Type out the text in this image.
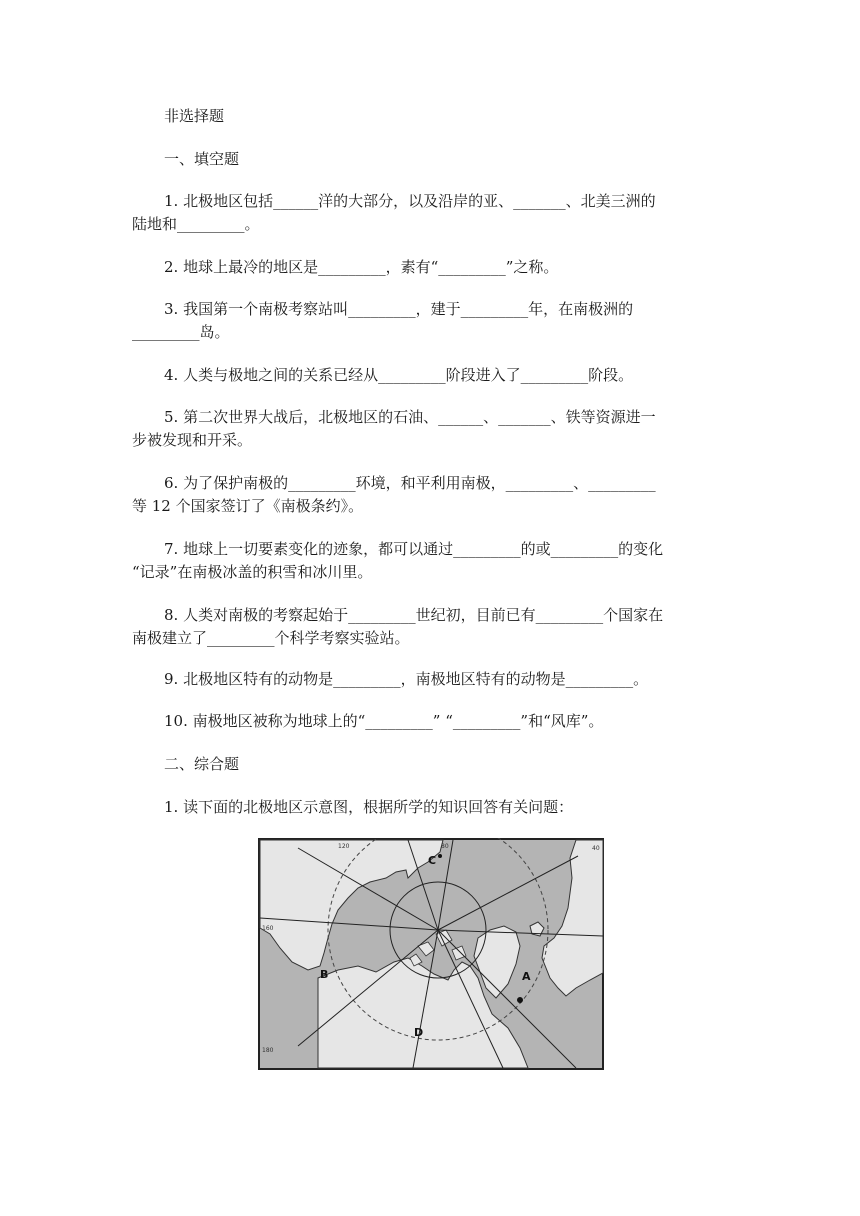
非选择题
一、填空题
1. 北极地区包括______洋的大部分，以及沿岸的亚、_______、北美三洲的
陆地和_________。
2. 地球上最冷的地区是_________，素有“_________”之称。
3. 我国第一个南极考察站叫_________，建于_________年，在南极洲的
_________岛。
4. 人类与极地之间的关系已经从_________阶段进入了_________阶段。
5. 第二次世界大战后，北极地区的石油、______、_______、铁等资源进一
步被发现和开采。
6. 为了保护南极的_________环境，和平利用南极，_________、_________
等 12 个国家签订了《南极条约》。
7. 地球上一切要素变化的迹象，都可以通过_________的或_________的变化
“记录”在南极冰盖的积雪和冰川里。
8. 人类对南极的考察起始于_________世纪初，目前已有_________个国家在
南极建立了_________个科学考察实验站。
9. 北极地区特有的动物是_________，南极地区特有的动物是_________。
10. 南极地区被称为地球上的“_________” “_________”和“风库”。
二、综合题
1. 读下面的北极地区示意图，根据所学的知识回答有关问题：
C
B	A
D
120
160
80	40
180
